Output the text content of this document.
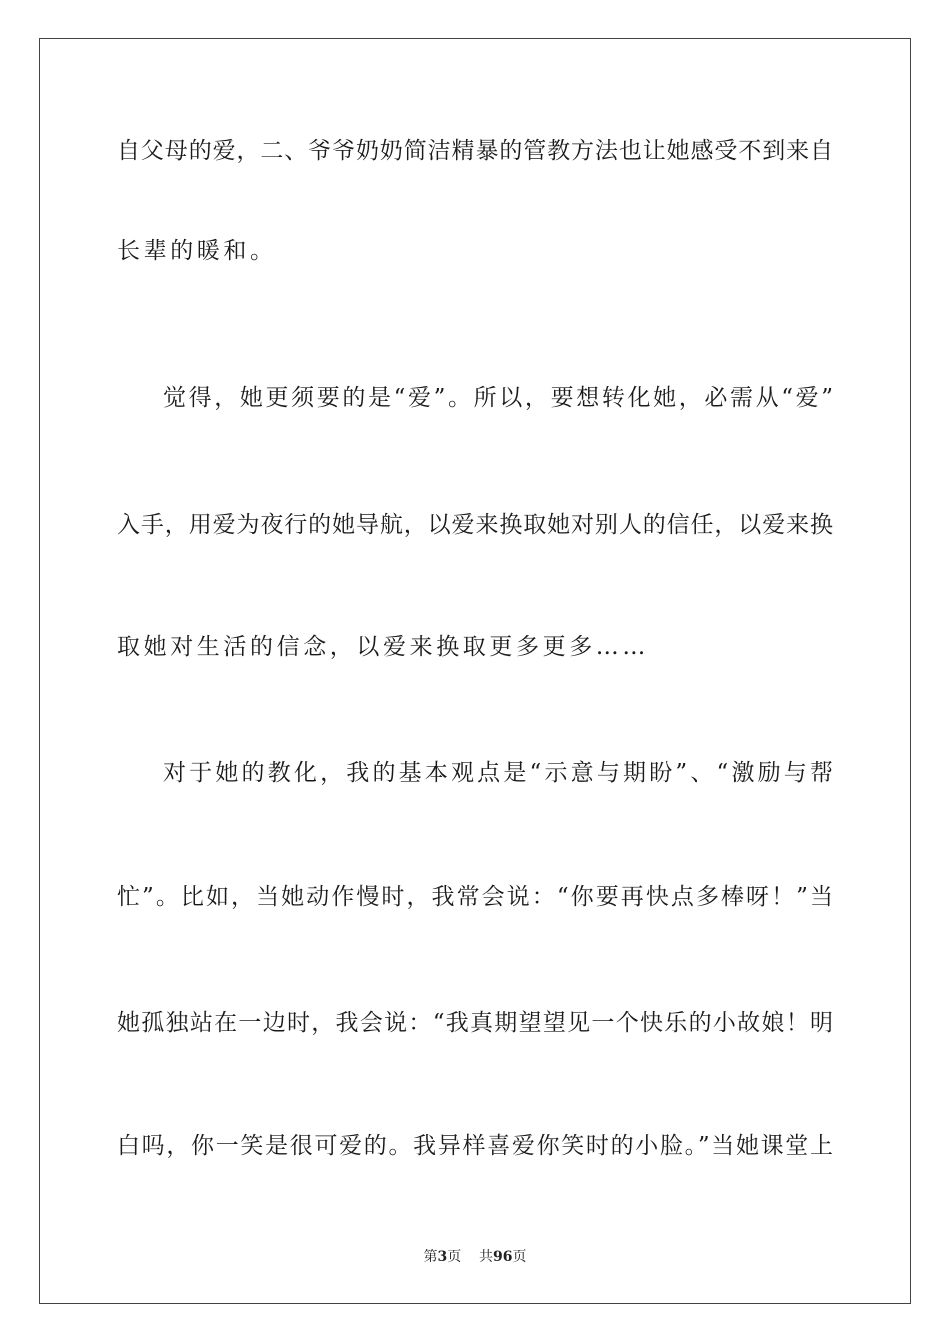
自父母的爱，二、爷爷奶奶简洁精暴的管教方法也让她感受不到来自
长辈的暖和。
觉得，她更须要的是“爱”。所以，要想转化她，必需从“爱”
入手，用爱为夜行的她导航，以爱来换取她对别人的信任，以爱来换
取她对生活的信念，以爱来换取更多更多……
对于她的教化，我的基本观点是“示意与期盼”、“激励与帮
忙”。比如，当她动作慢时，我常会说：“你要再快点多棒呀！”当
她孤独站在一边时，我会说：“我真期望望见一个快乐的小故娘！明
白吗，你一笑是很可爱的。我异样喜爱你笑时的小脸。”当她课堂上
第3页 共96页
